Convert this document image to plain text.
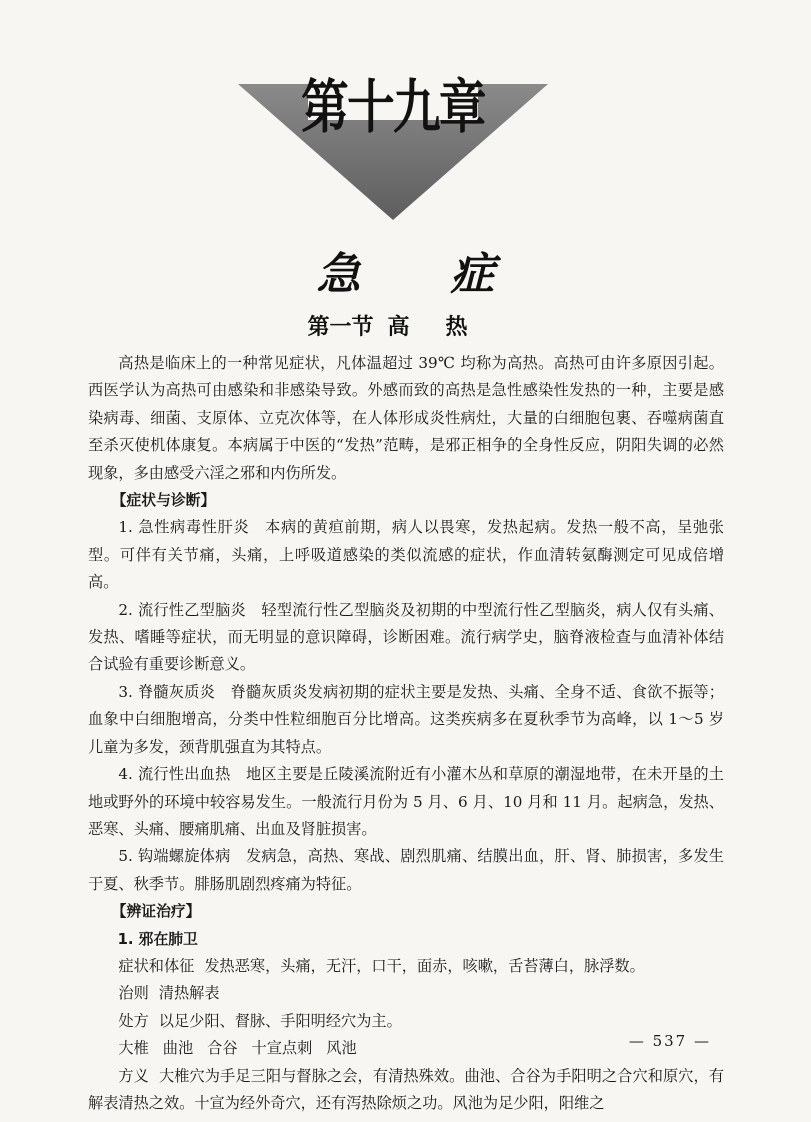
第十九章
急症
第一节 高热

高热是临床上的一种常见症状，凡体温超过 39℃ 均称为高热。高热可由许多原因引起。西医学认为高热可由感染和非感染导致。外感而致的高热是急性感染性发热的一种，主要是感染病毒、细菌、支原体、立克次体等，在人体形成炎性病灶，大量的白细胞包裹、吞噬病菌直至杀灭使机体康复。本病属于中医的“发热”范畴，是邪正相争的全身性反应，阴阳失调的必然现象，多由感受六淫之邪和内伤所发。

【症状与诊断】

1. 急性病毒性肝炎　本病的黄疸前期，病人以畏寒，发热起病。发热一般不高，呈弛张型。可伴有关节痛，头痛，上呼吸道感染的类似流感的症状，作血清转氨酶测定可见成倍增高。

2. 流行性乙型脑炎　轻型流行性乙型脑炎及初期的中型流行性乙型脑炎，病人仅有头痛、发热、嗜睡等症状，而无明显的意识障碍，诊断困难。流行病学史，脑脊液检查与血清补体结合试验有重要诊断意义。

3. 脊髓灰质炎　脊髓灰质炎发病初期的症状主要是发热、头痛、全身不适、食欲不振等；血象中白细胞增高，分类中性粒细胞百分比增高。这类疾病多在夏秋季节为高峰，以 1～5 岁儿童为多发，颈背肌强直为其特点。

4. 流行性出血热　地区主要是丘陵溪流附近有小灌木丛和草原的潮湿地带，在未开垦的土地或野外的环境中较容易发生。一般流行月份为 5 月、6 月、10 月和 11 月。起病急，发热、恶寒、头痛、腰痛肌痛、出血及肾脏损害。

5. 钩端螺旋体病　发病急，高热、寒战、剧烈肌痛、结膜出血，肝、肾、肺损害，多发生于夏、秋季节。腓肠肌剧烈疼痛为特征。

【辨证治疗】

1. 邪在肺卫

症状和体征 发热恶寒，头痛，无汗，口干，面赤，咳嗽，舌苔薄白，脉浮数。

治则 清热解表

处方 以足少阳、督脉、手阳明经穴为主。

大椎 曲池 合谷 十宣点刺 风池

方义 大椎穴为手足三阳与督脉之会，有清热殊效。曲池、合谷为手阳明之合穴和原穴，有解表清热之效。十宣为经外奇穴，还有泻热除烦之功。风池为足少阳，阳维之

— 537 —
